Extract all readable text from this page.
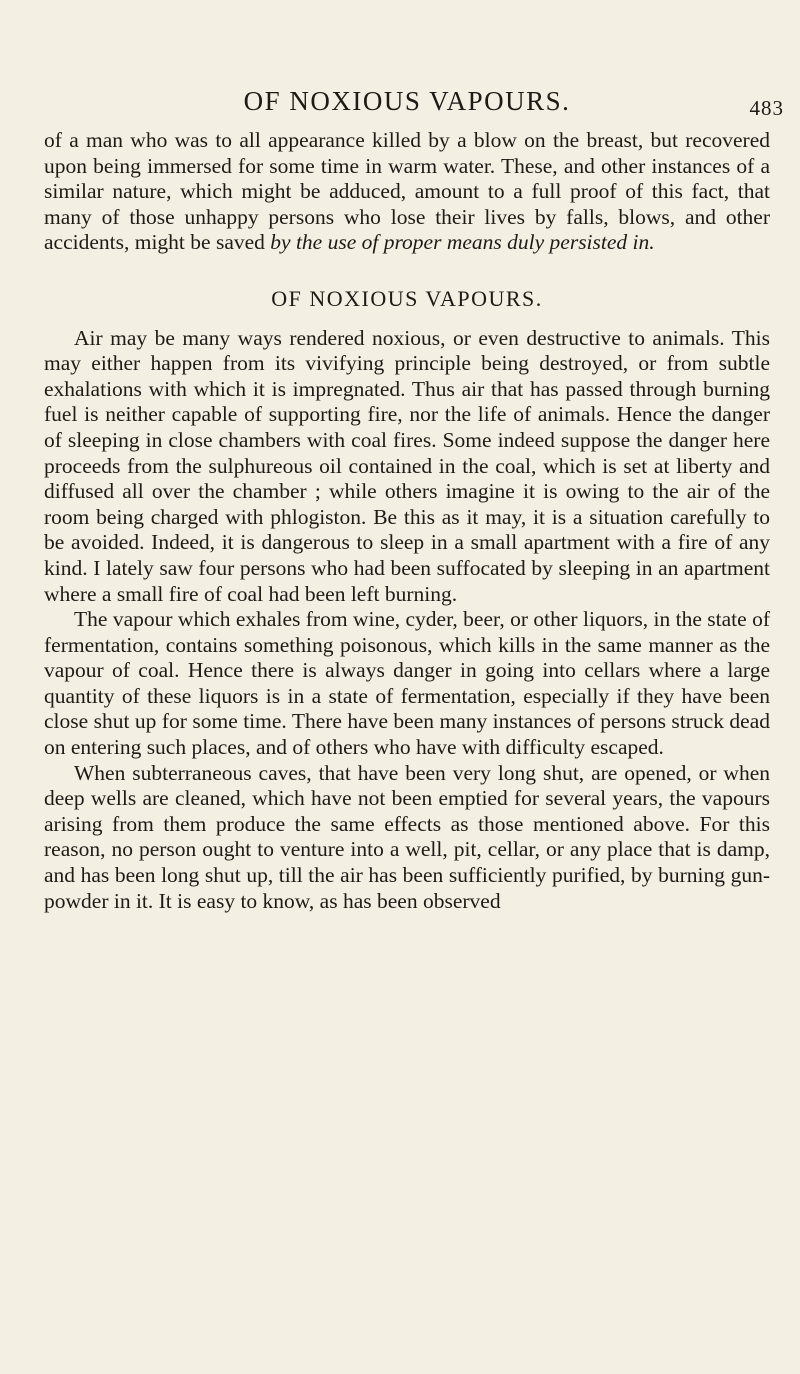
OF NOXIOUS VAPOURS.	483

of a man who was to all appearance killed by a blow on the breast, but recovered upon being immersed for some time in warm water. These, and other instances of a similar nature, which might be adduced, amount to a full proof of this fact, that many of those unhappy persons who lose their lives by falls, blows, and other accidents, might be saved by the use of proper means duly persisted in.

OF NOXIOUS VAPOURS.

Air may be many ways rendered noxious, or even destructive to animals. This may either happen from its vivifying principle being destroyed, or from subtle exhalations with which it is impregnated. Thus air that has passed through burning fuel is neither capable of supporting fire, nor the life of animals. Hence the danger of sleeping in close chambers with coal fires. Some indeed suppose the danger here proceeds from the sulphureous oil contained in the coal, which is set at liberty and diffused all over the chamber ; while others imagine it is owing to the air of the room being charged with phlogiston. Be this as it may, it is a situation carefully to be avoided. Indeed, it is dangerous to sleep in a small apartment with a fire of any kind. I lately saw four persons who had been suffocated by sleeping in an apartment where a small fire of coal had been left burning.

The vapour which exhales from wine, cyder, beer, or other liquors, in the state of fermentation, contains something poisonous, which kills in the same manner as the vapour of coal. Hence there is always danger in going into cellars where a large quantity of these liquors is in a state of fermentation, especially if they have been close shut up for some time. There have been many instances of persons struck dead on entering such places, and of others who have with difficulty escaped.

When subterraneous caves, that have been very long shut, are opened, or when deep wells are cleaned, which have not been emptied for several years, the vapours arising from them produce the same effects as those mentioned above. For this reason, no person ought to venture into a well, pit, cellar, or any place that is damp, and has been long shut up, till the air has been sufficiently purified, by burning gun-powder in it. It is easy to know, as has been observed
